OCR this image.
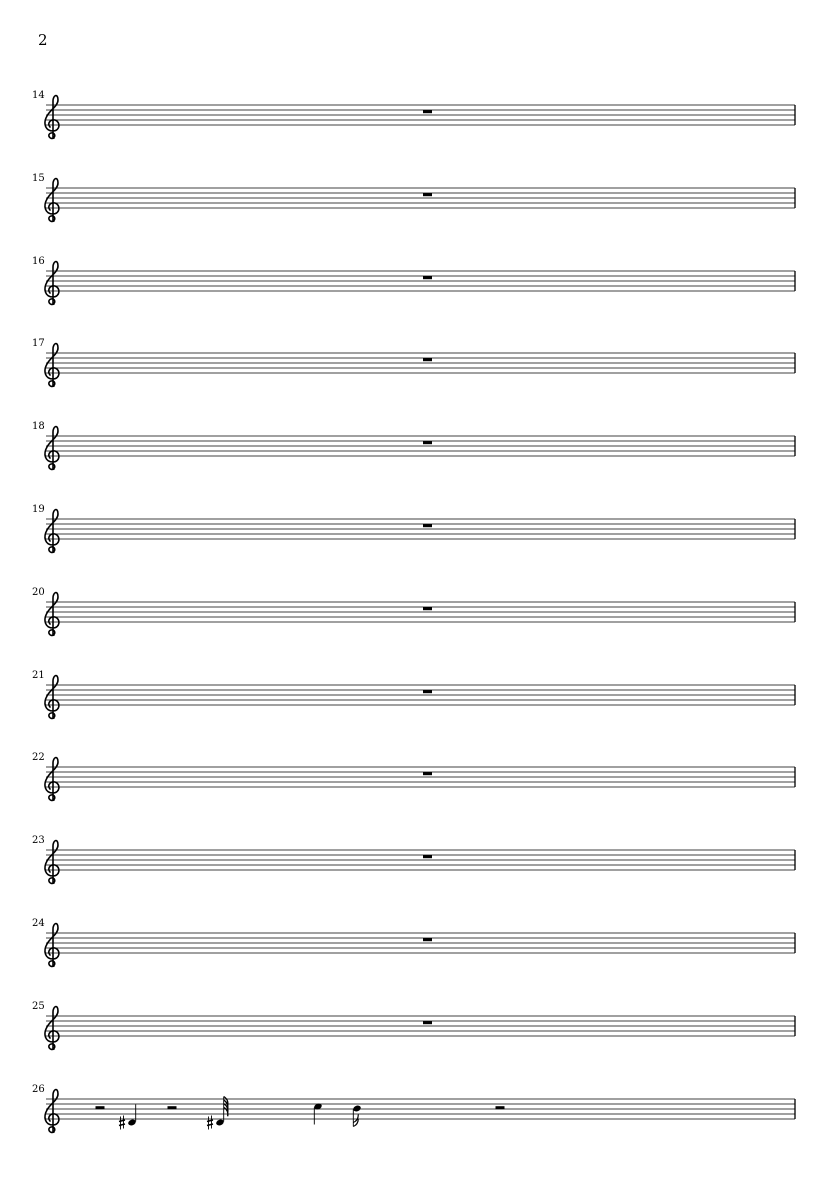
2
14
15
16
17
18
19
20
21
22
23
24
25
26
